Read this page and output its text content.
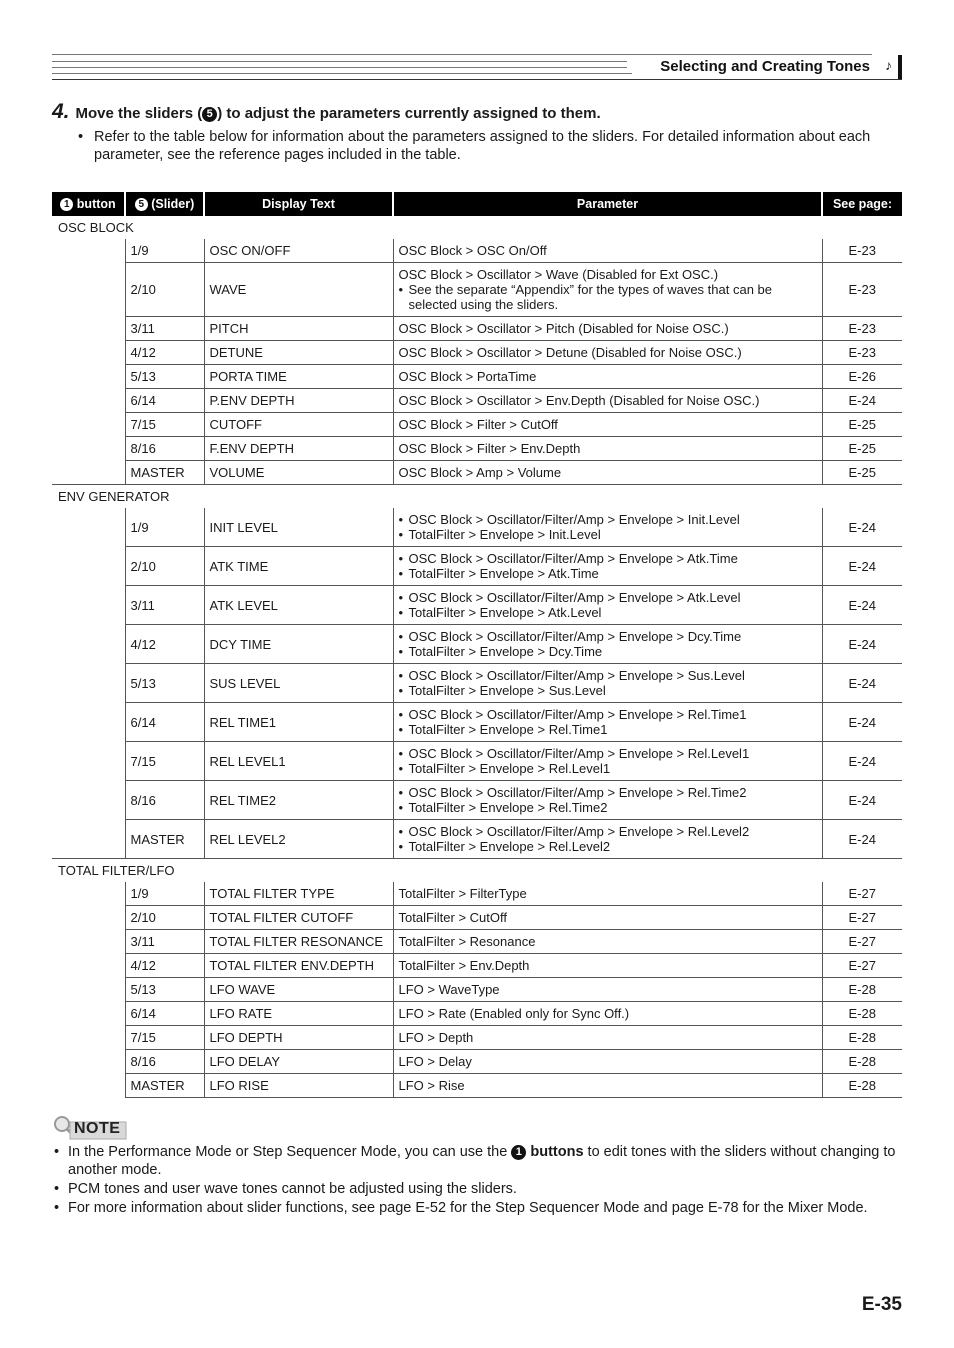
Selecting and Creating Tones ♪
4. Move the sliders ( 5 ) to adjust the parameters currently assigned to them.
• Refer to the table below for information about the parameters assigned to the sliders. For detailed information about each parameter, see the reference pages included in the table.
1 button	5 (Slider)	Display Text	Parameter	See page:
OSC BLOCK				
	1/9	OSC ON/OFF	OSC Block > OSC On/Off	E-23
	2/10	WAVE	OSC Block > Oscillator > Wave (Disabled for Ext OSC.)
• See the separate “Appendix” for the types of waves that can be selected using the sliders.	E-23
	3/11	PITCH	OSC Block > Oscillator > Pitch (Disabled for Noise OSC.)	E-23
	4/12	DETUNE	OSC Block > Oscillator > Detune (Disabled for Noise OSC.)	E-23
	5/13	PORTA TIME	OSC Block > PortaTime	E-26
	6/14	P.ENV DEPTH	OSC Block > Oscillator > Env.Depth (Disabled for Noise OSC.)	E-24
	7/15	CUTOFF	OSC Block > Filter > CutOff	E-25
	8/16	F.ENV DEPTH	OSC Block > Filter > Env.Depth	E-25
	MASTER	VOLUME	OSC Block > Amp > Volume	E-25
ENV GENERATOR				
	1/9	INIT LEVEL	• OSC Block > Oscillator/Filter/Amp > Envelope > Init.Level
• TotalFilter > Envelope > Init.Level	E-24
	2/10	ATK TIME	• OSC Block > Oscillator/Filter/Amp > Envelope > Atk.Time
• TotalFilter > Envelope > Atk.Time	E-24
	3/11	ATK LEVEL	• OSC Block > Oscillator/Filter/Amp > Envelope > Atk.Level
• TotalFilter > Envelope > Atk.Level	E-24
	4/12	DCY TIME	• OSC Block > Oscillator/Filter/Amp > Envelope > Dcy.Time
• TotalFilter > Envelope > Dcy.Time	E-24
	5/13	SUS LEVEL	• OSC Block > Oscillator/Filter/Amp > Envelope > Sus.Level
• TotalFilter > Envelope > Sus.Level	E-24
	6/14	REL TIME1	• OSC Block > Oscillator/Filter/Amp > Envelope > Rel.Time1
• TotalFilter > Envelope > Rel.Time1	E-24
	7/15	REL LEVEL1	• OSC Block > Oscillator/Filter/Amp > Envelope > Rel.Level1
• TotalFilter > Envelope > Rel.Level1	E-24
	8/16	REL TIME2	• OSC Block > Oscillator/Filter/Amp > Envelope > Rel.Time2
• TotalFilter > Envelope > Rel.Time2	E-24
	MASTER	REL LEVEL2	• OSC Block > Oscillator/Filter/Amp > Envelope > Rel.Level2
• TotalFilter > Envelope > Rel.Level2	E-24
TOTAL FILTER/LFO				
	1/9	TOTAL FILTER TYPE	TotalFilter > FilterType	E-27
	2/10	TOTAL FILTER CUTOFF	TotalFilter > CutOff	E-27
	3/11	TOTAL FILTER RESONANCE	TotalFilter > Resonance	E-27
	4/12	TOTAL FILTER ENV.DEPTH	TotalFilter > Env.Depth	E-27
	5/13	LFO WAVE	LFO > WaveType	E-28
	6/14	LFO RATE	LFO > Rate (Enabled only for Sync Off.)	E-28
	7/15	LFO DEPTH	LFO > Depth	E-28
	8/16	LFO DELAY	LFO > Delay	E-28
	MASTER	LFO RISE	LFO > Rise	E-28
NOTE
• In the Performance Mode or Step Sequencer Mode, you can use the 1 buttons to edit tones with the sliders without changing to another mode.
• PCM tones and user wave tones cannot be adjusted using the sliders.
• For more information about slider functions, see page E-52 for the Step Sequencer Mode and page E-78 for the Mixer Mode.
E-35
